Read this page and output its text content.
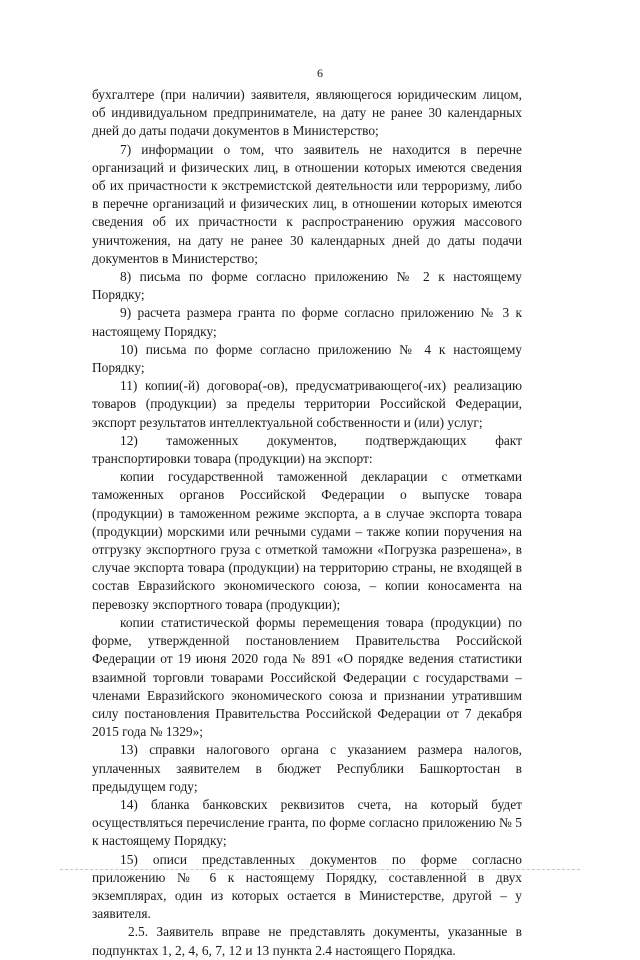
6

бухгалтере (при наличии) заявителя, являющегося юридическим лицом, об индивидуальном предпринимателе, на дату не ранее 30 календарных дней до даты подачи документов в Министерство;

7) информации о том, что заявитель не находится в перечне организаций и физических лиц, в отношении которых имеются сведения об их причастности к экстремистской деятельности или терроризму, либо в перечне организаций и физических лиц, в отношении которых имеются сведения об их причастности к распространению оружия массового уничтожения, на дату не ранее 30 календарных дней до даты подачи документов в Министерство;

8) письма по форме согласно приложению № 2 к настоящему Порядку;

9) расчета размера гранта по форме согласно приложению № 3 к настоящему Порядку;

10) письма по форме согласно приложению № 4 к настоящему Порядку;

11) копии(-й) договора(-ов), предусматривающего(-их) реализацию товаров (продукции) за пределы территории Российской Федерации, экспорт результатов интеллектуальной собственности и (или) услуг;

12) таможенных документов, подтверждающих факт транспортировки товара (продукции) на экспорт:

копии государственной таможенной декларации с отметками таможенных органов Российской Федерации о выпуске товара (продукции) в таможенном режиме экспорта, а в случае экспорта товара (продукции) морскими или речными судами – также копии поручения на отгрузку экспортного груза с отметкой таможни «Погрузка разрешена», в случае экспорта товара (продукции) на территорию страны, не входящей в состав Евразийского экономического союза, – копии коносамента на перевозку экспортного товара (продукции);

копии статистической формы перемещения товара (продукции) по форме, утвержденной постановлением Правительства Российской Федерации от 19 июня 2020 года № 891 «О порядке ведения статистики взаимной торговли товарами Российской Федерации с государствами – членами Евразийского экономического союза и признании утратившим силу постановления Правительства Российской Федерации от 7 декабря 2015 года № 1329»;

13) справки налогового органа с указанием размера налогов, уплаченных заявителем в бюджет Республики Башкортостан в предыдущем году;

14) бланка банковских реквизитов счета, на который будет осуществляться перечисление гранта, по форме согласно приложению № 5 к настоящему Порядку;

15) описи представленных документов по форме согласно приложению № 6 к настоящему Порядку, составленной в двух экземплярах, один из которых остается в Министерстве, другой – у заявителя.

2.5. Заявитель вправе не представлять документы, указанные в подпунктах 1, 2, 4, 6, 7, 12 и 13 пункта 2.4 настоящего Порядка.
